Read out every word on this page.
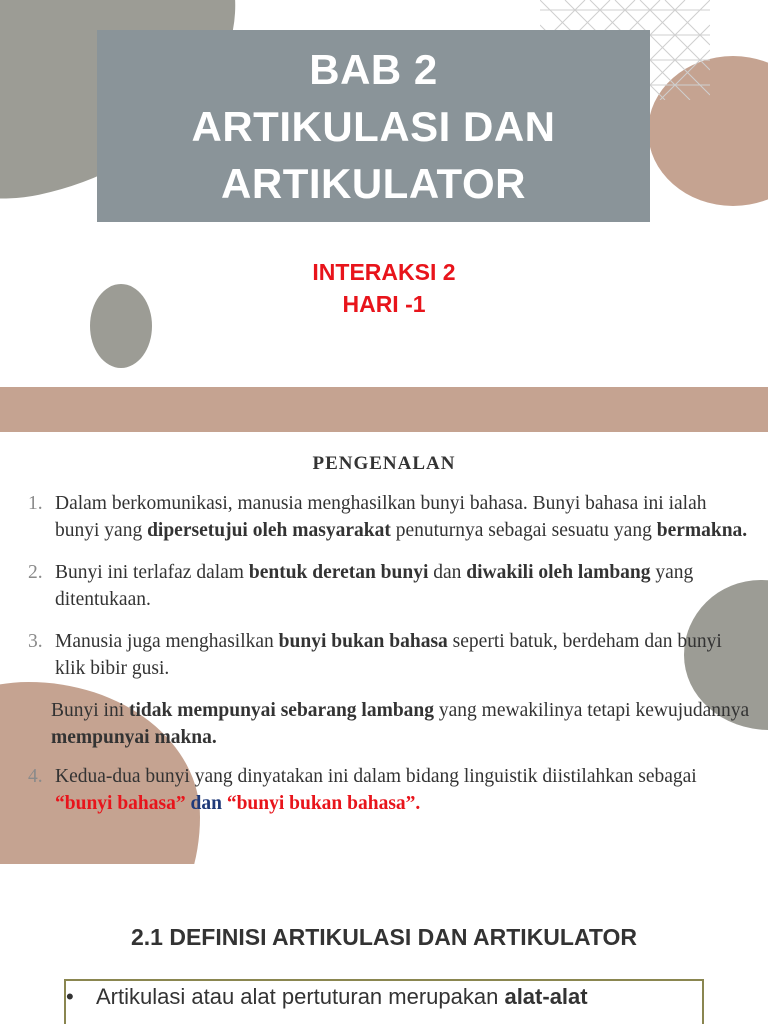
BAB 2
ARTIKULASI DAN
ARTIKULATOR
INTERAKSI 2
HARI -1
PENGENALAN
1. Dalam berkomunikasi, manusia menghasilkan bunyi bahasa. Bunyi bahasa ini ialah bunyi yang dipersetujui oleh masyarakat penuturnya sebagai sesuatu yang bermakna.
2. Bunyi ini terlafaz dalam bentuk deretan bunyi dan diwakili oleh lambang yang ditentukaan.
3. Manusia juga menghasilkan bunyi bukan bahasa seperti batuk, berdeham dan bunyi klik bibir gusi.
Bunyi ini tidak mempunyai sebarang lambang yang mewakilinya tetapi kewujudannya mempunyai makna.
4. Kedua-dua bunyi yang dinyatakan ini dalam bidang linguistik diistilahkan sebagai “bunyi bahasa” dan “bunyi bukan bahasa”.
2.1 DEFINISI ARTIKULASI DAN ARTIKULATOR
• Artikulasi atau alat pertuturan merupakan alat-alat
